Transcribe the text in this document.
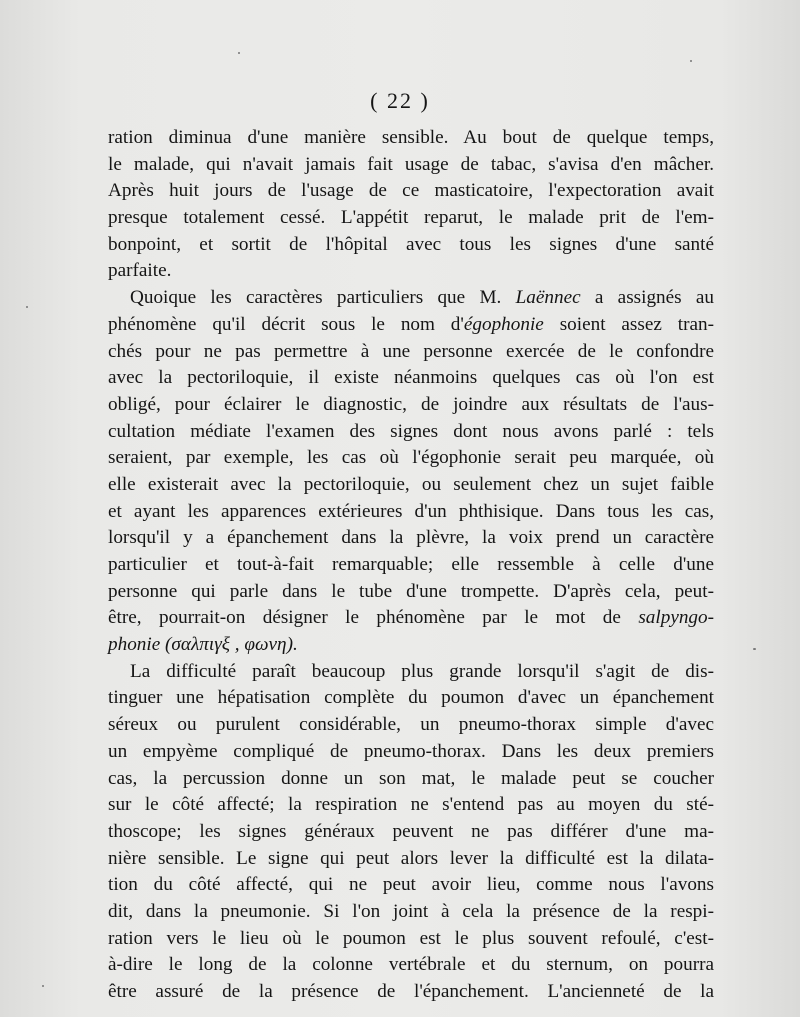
( 22 )
ration diminua d'une manière sensible. Au bout de quelque temps,
le malade, qui n'avait jamais fait usage de tabac, s'avisa d'en mâcher.
Après huit jours de l'usage de ce masticatoire, l'expectoration avait
presque totalement cessé. L'appétit reparut, le malade prit de l'em-
bonpoint, et sortit de l'hôpital avec tous les signes d'une santé
parfaite.
Quoique les caractères particuliers que M. Laënnec a assignés au
phénomène qu'il décrit sous le nom d'égophonie soient assez tran-
chés pour ne pas permettre à une personne exercée de le confondre
avec la pectoriloquie, il existe néanmoins quelques cas où l'on est
obligé, pour éclairer le diagnostic, de joindre aux résultats de l'aus-
cultation médiate l'examen des signes dont nous avons parlé : tels
seraient, par exemple, les cas où l'égophonie serait peu marquée, où
elle existerait avec la pectoriloquie, ou seulement chez un sujet faible
et ayant les apparences extérieures d'un phthisique. Dans tous les cas,
lorsqu'il y a épanchement dans la plèvre, la voix prend un caractère
particulier et tout-à-fait remarquable; elle ressemble à celle d'une
personne qui parle dans le tube d'une trompette. D'après cela, peut-
être, pourrait-on désigner le phénomène par le mot de salpyngo-
phonie (σαλπιγξ , φωνη).
La difficulté paraît beaucoup plus grande lorsqu'il s'agit de dis-
tinguer une hépatisation complète du poumon d'avec un épanchement
séreux ou purulent considérable, un pneumo-thorax simple d'avec
un empyème compliqué de pneumo-thorax. Dans les deux premiers
cas, la percussion donne un son mat, le malade peut se coucher
sur le côté affecté; la respiration ne s'entend pas au moyen du sté-
thoscope; les signes généraux peuvent ne pas différer d'une ma-
nière sensible. Le signe qui peut alors lever la difficulté est la dilata-
tion du côté affecté, qui ne peut avoir lieu, comme nous l'avons
dit, dans la pneumonie. Si l'on joint à cela la présence de la respi-
ration vers le lieu où le poumon est le plus souvent refoulé, c'est-
à-dire le long de la colonne vertébrale et du sternum, on pourra
être assuré de la présence de l'épanchement. L'ancienneté de la
